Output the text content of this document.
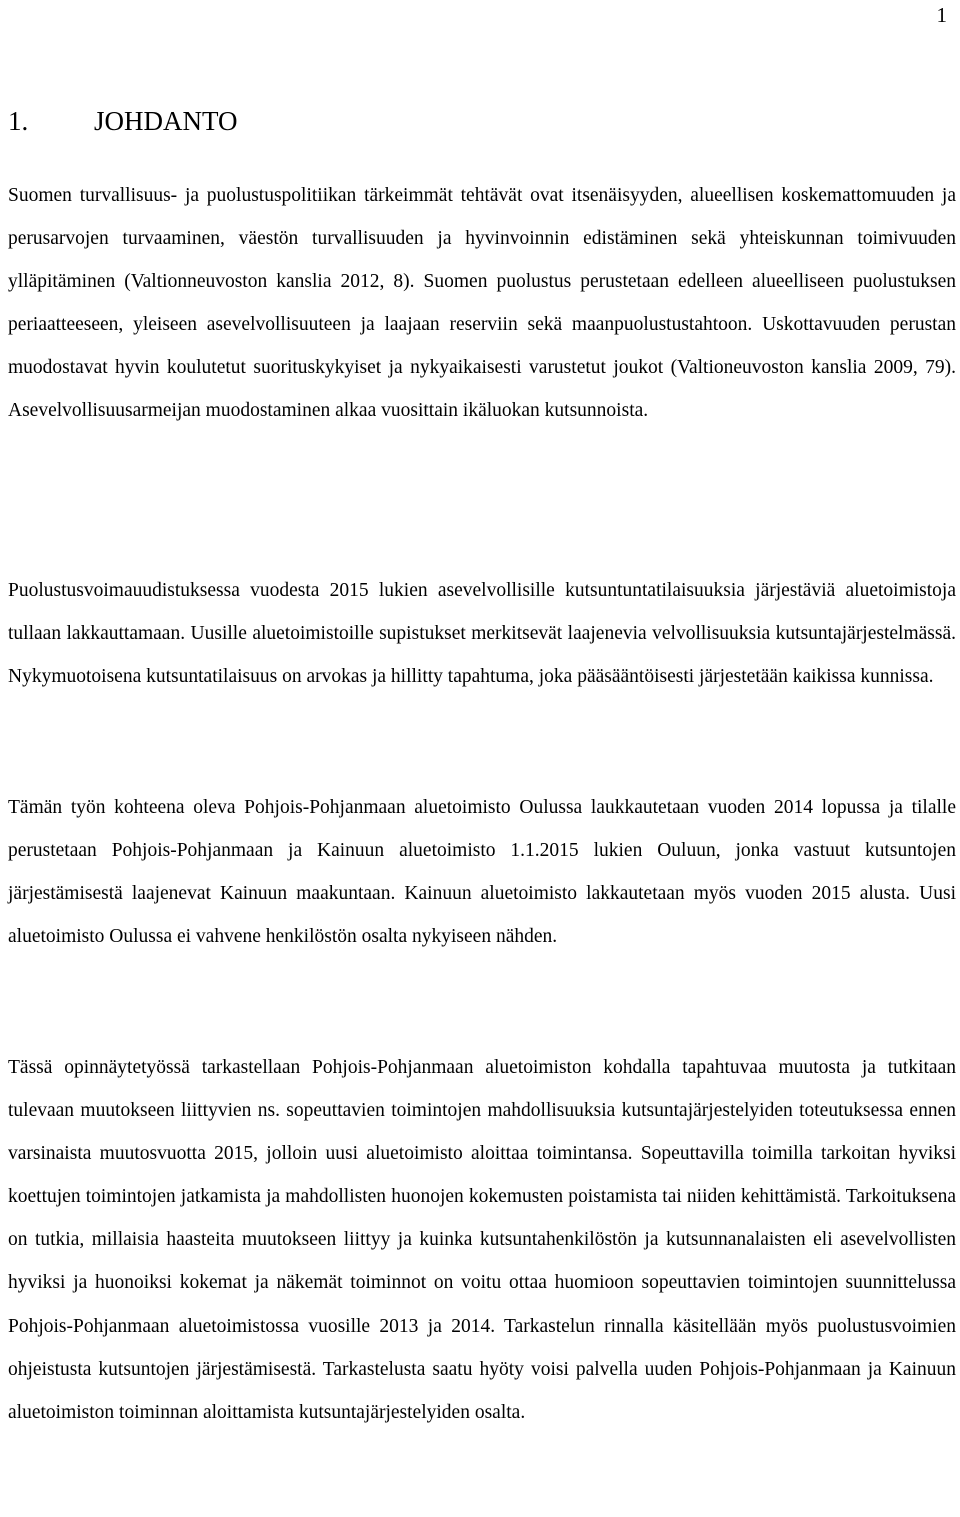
1
1. JOHDANTO

Suomen turvallisuus- ja puolustuspolitiikan tärkeimmät tehtävät ovat itsenäisyyden, alueellisen koskemattomuuden ja perusarvojen turvaaminen, väestön turvallisuuden ja hyvinvoinnin edistäminen sekä yhteiskunnan toimivuuden ylläpitäminen (Valtionneuvoston kanslia 2012, 8). Suomen puolustus perustetaan edelleen alueelliseen puolustuksen periaatteeseen, yleiseen asevelvollisuuteen ja laajaan reserviin sekä maanpuolustustahtoon. Uskottavuuden perustan muodostavat hyvin koulutetut suorituskykyiset ja nykyaikaisesti varustetut joukot (Valtioneuvoston kanslia 2009, 79). Asevelvollisuusarmeijan muodostaminen alkaa vuosittain ikäluokan kutsunnoista.

Puolustusvoimauudistuksessa vuodesta 2015 lukien asevelvollisille kutsuntuntatilaisuuksia järjestäviä aluetoimistoja tullaan lakkauttamaan. Uusille aluetoimistoille supistukset merkitsevät laajenevia velvollisuuksia kutsuntajärjestelmässä. Nykymuotoisena kutsuntatilaisuus on arvokas ja hillitty tapahtuma, joka pääsääntöisesti järjestetään kaikissa kunnissa.

Tämän työn kohteena oleva Pohjois-Pohjanmaan aluetoimisto Oulussa laukkautetaan vuoden 2014 lopussa ja tilalle perustetaan Pohjois-Pohjanmaan ja Kainuun aluetoimisto 1.1.2015 lukien Ouluun, jonka vastuut kutsuntojen järjestämisestä laajenevat Kainuun maakuntaan. Kainuun aluetoimisto lakkautetaan myös vuoden 2015 alusta. Uusi aluetoimisto Oulussa ei vahvene henkilöstön osalta nykyiseen nähden.

Tässä opinnäytetyössä tarkastellaan Pohjois-Pohjanmaan aluetoimiston kohdalla tapahtuvaa muutosta ja tutkitaan tulevaan muutokseen liittyvien ns. sopeuttavien toimintojen mahdollisuuksia kutsuntajärjestelyiden toteutuksessa ennen varsinaista muutosvuotta 2015, jolloin uusi aluetoimisto aloittaa toimintansa. Sopeuttavilla toimilla tarkoitan hyviksi koettujen toimintojen jatkamista ja mahdollisten huonojen kokemusten poistamista tai niiden kehittämistä. Tarkoituksena on tutkia, millaisia haasteita muutokseen liittyy ja kuinka kutsuntahenkilöstön ja kutsunnanalaisten eli asevelvollisten hyviksi ja huonoiksi kokemat ja näkemät toiminnot on voitu ottaa huomioon sopeuttavien toimintojen suunnittelussa Pohjois-Pohjanmaan aluetoimistossa vuosille 2013 ja 2014. Tarkastelun rinnalla käsitellään myös puolustusvoimien ohjeistusta kutsuntojen järjestämisestä. Tarkastelusta saatu hyöty voisi palvella uuden Pohjois-Pohjanmaan ja Kainuun aluetoimiston toiminnan aloittamista kutsuntajärjestelyiden osalta.
